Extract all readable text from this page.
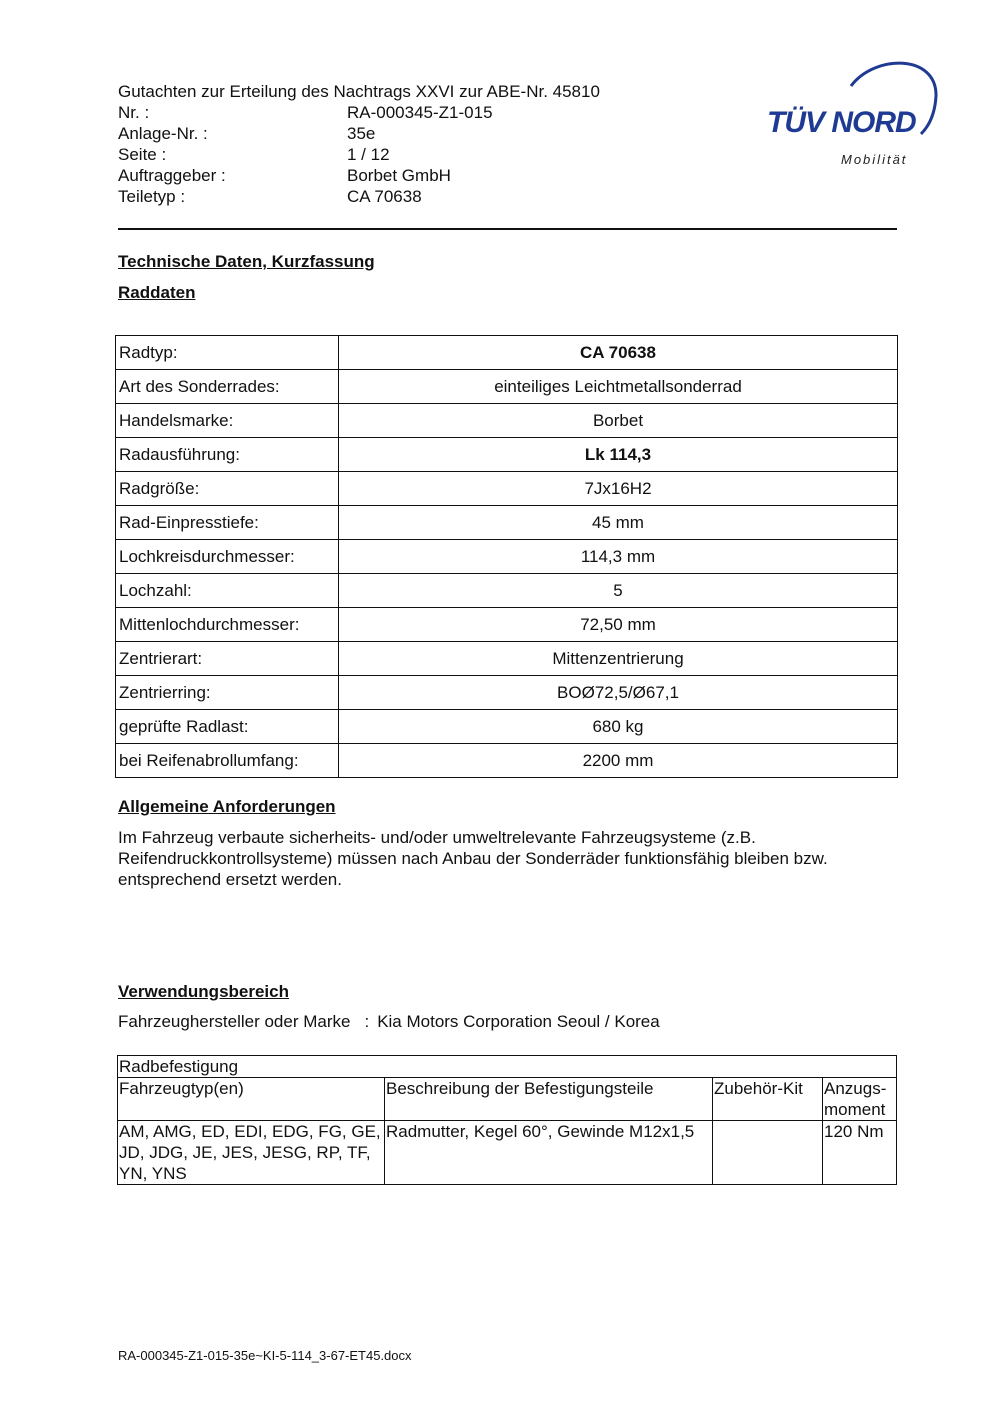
Gutachten zur Erteilung des Nachtrags XXVI zur ABE-Nr. 45810
Nr. :	RA-000345-Z1-015
Anlage-Nr. :	35e
Seite :	1 / 12
Auftraggeber :	Borbet GmbH
Teiletyp :	CA 70638
TÜV NORD
Mobilität
Technische Daten, Kurzfassung
Raddaten
Radtyp:	CA 70638
Art des Sonderrades:	einteiliges Leichtmetallsonderrad
Handelsmarke:	Borbet
Radausführung:	Lk 114,3
Radgröße:	7Jx16H2
Rad-Einpresstiefe:	45 mm
Lochkreisdurchmesser:	114,3 mm
Lochzahl:	5
Mittenlochdurchmesser:	72,50 mm
Zentrierart:	Mittenzentrierung
Zentrierring:	BOØ72,5/Ø67,1
geprüfte Radlast:	680 kg
bei Reifenabrollumfang:	2200 mm
Allgemeine Anforderungen
Im Fahrzeug verbaute sicherheits- und/oder umweltrelevante Fahrzeugsysteme (z.B. Reifendruckkontrollsysteme) müssen nach Anbau der Sonderräder funktionsfähig bleiben bzw. entsprechend ersetzt werden.
Verwendungsbereich
Fahrzeughersteller oder Marke : Kia Motors Corporation Seoul / Korea
Radbefestigung			
Fahrzeugtyp(en)	Beschreibung der Befestigungsteile	Zubehör-Kit	Anzugs-moment
AM, AMG, ED, EDI, EDG, FG, GE, JD, JDG, JE, JES, JESG, RP, TF, YN, YNS	Radmutter, Kegel 60°, Gewinde M12x1,5		120 Nm
RA-000345-Z1-015-35e~KI-5-114_3-67-ET45.docx
